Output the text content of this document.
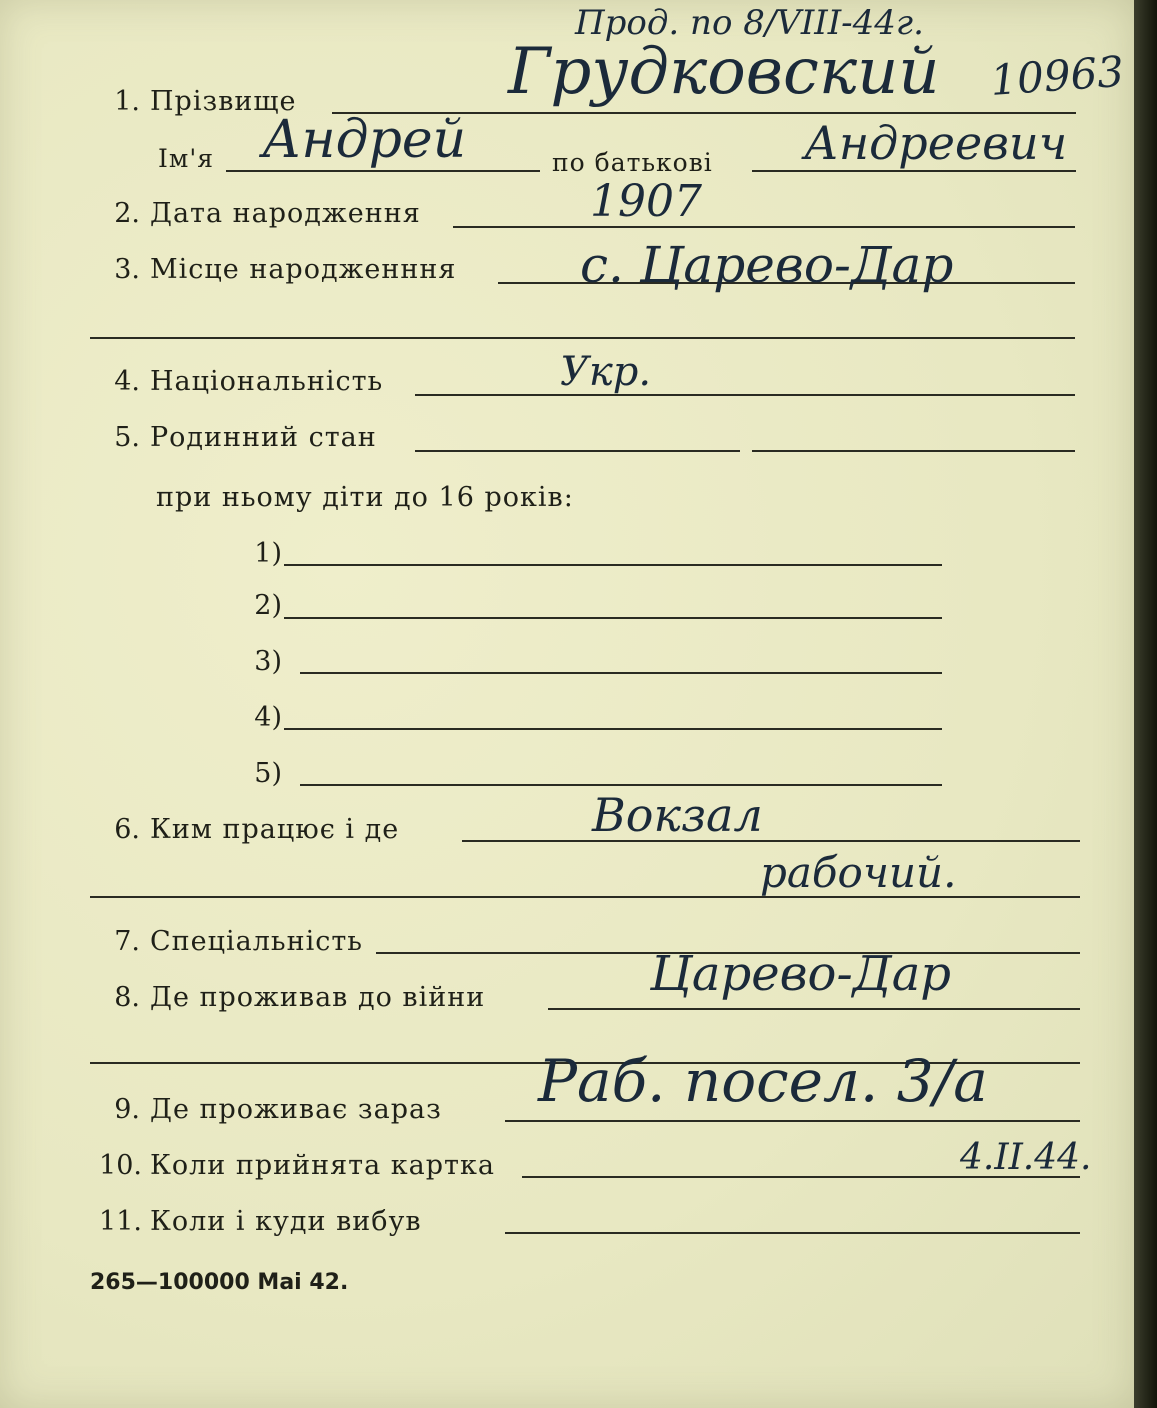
Прод. по 8/VIII-44г.
1. Прізвище	Грудковский 10963
Ім'я Андрей	по батькові Андреевич
2. Дата народження	1907
3. Місце народженння с. Царево-Дар
4. Національність	Укр.
5. Родинний стан
при ньому діти до 16 років:
1)
2)
3)
4)
5)
6. Ким працює і де	Вокзал
рабочий.
7. Спеціальність
8. Де проживав до війни	Царево-Дар
9. Де проживає зараз Раб. посел. 3/а
10. Коли прийнята картка	4.II.44.
11. Коли і куди вибув
265—100000 Mai 42.
